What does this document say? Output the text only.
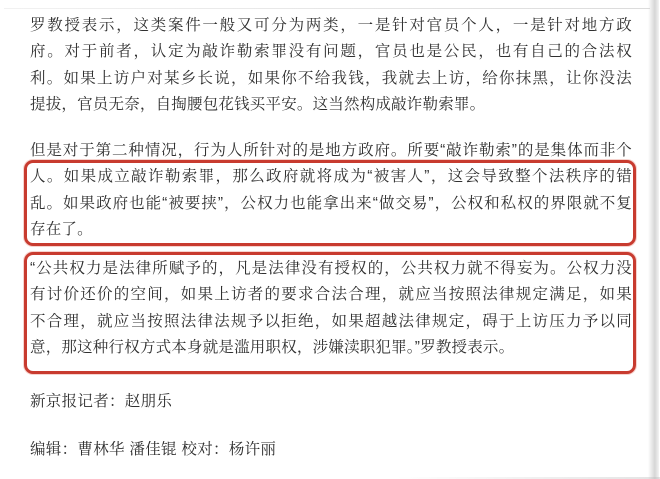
罗教授表示，这类案件一般又可分为两类，一是针对官员个人，一是针对地方政
府。对于前者，认定为敲诈勒索罪没有问题，官员也是公民，也有自己的合法权
利。如果上访户对某乡长说，如果你不给我钱，我就去上访，给你抹黑，让你没法
提拔，官员无奈，自掏腰包花钱买平安。这当然构成敲诈勒索罪。
但是对于第二种情况，行为人所针对的是地方政府。所要“敲诈勒索”的是集体而非个
人。如果成立敲诈勒索罪，那么政府就将成为“被害人”，这会导致整个法秩序的错
乱。如果政府也能“被要挟”，公权力也能拿出来“做交易”，公权和私权的界限就不复
存在了。
“公共权力是法律所赋予的，凡是法律没有授权的，公共权力就不得妄为。公权力没
有讨价还价的空间，如果上访者的要求合法合理，就应当按照法律规定满足，如果
不合理，就应当按照法律法规予以拒绝，如果超越法律规定，碍于上访压力予以同
意，那这种行权方式本身就是滥用职权，涉嫌渎职犯罪。”罗教授表示。
新京报记者：赵朋乐
编辑：曹林华 潘佳锟 校对：杨许丽
